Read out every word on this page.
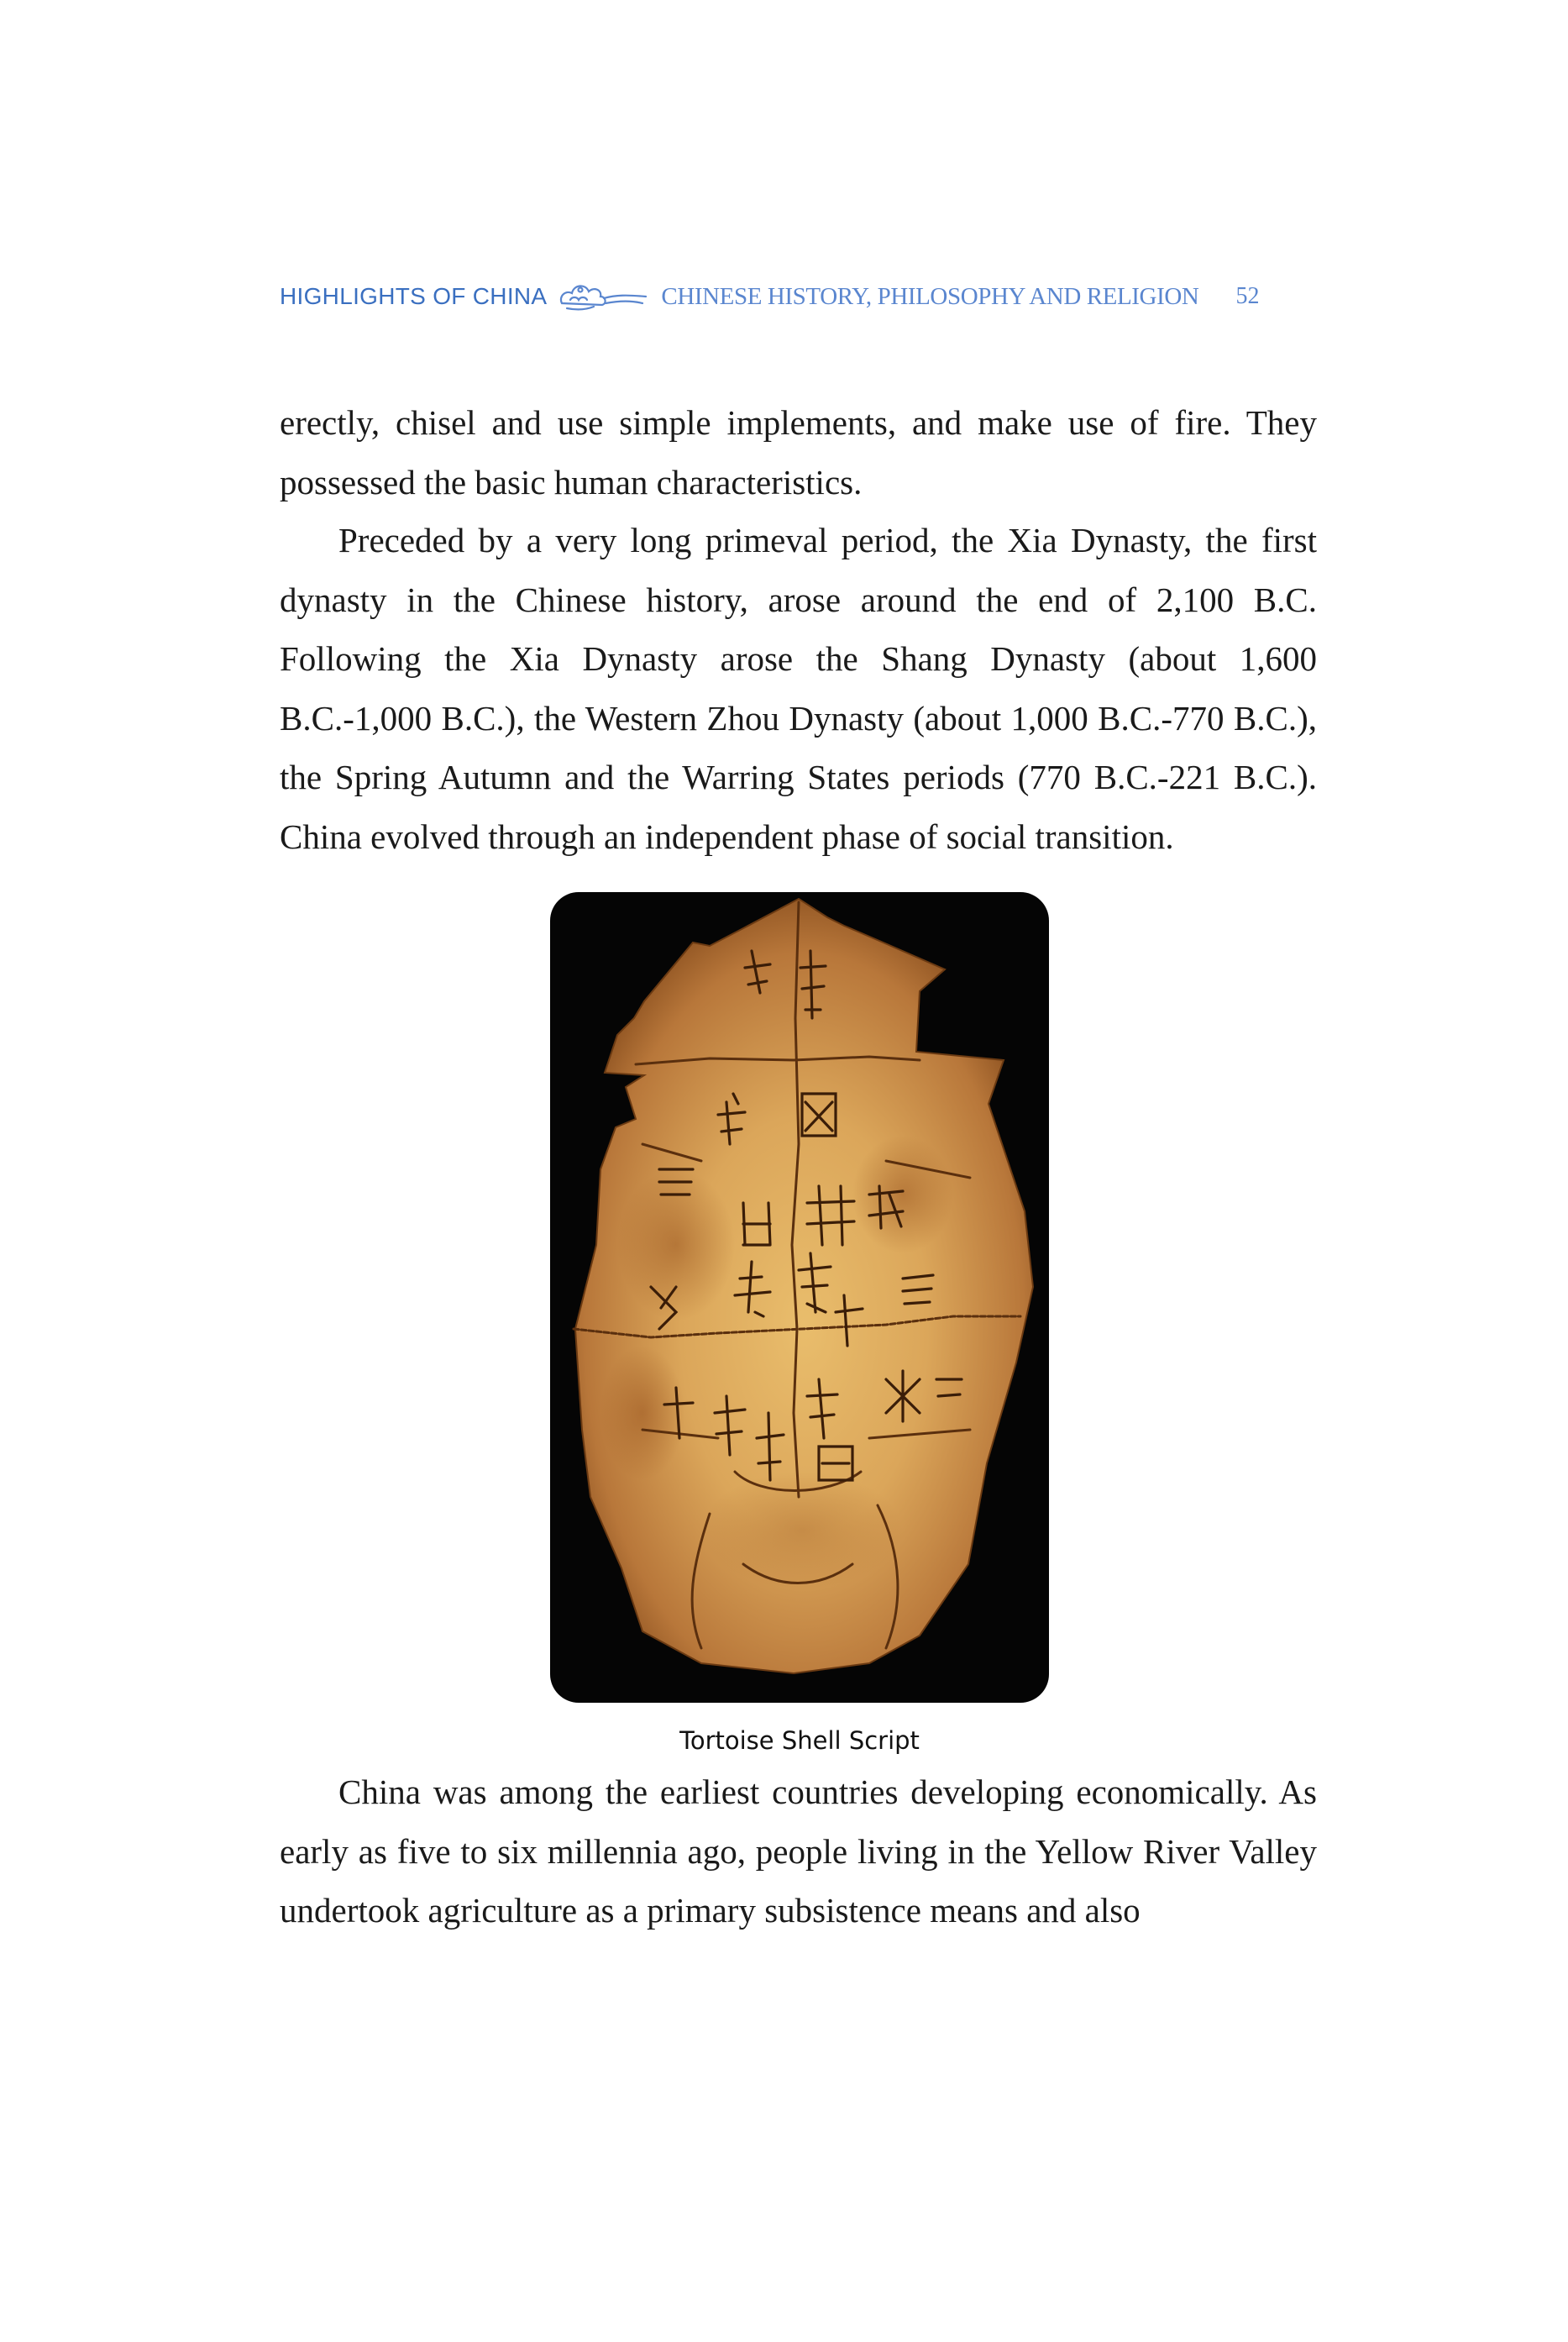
HIGHLIGHTS OF CHINA	CHINESE HISTORY, PHILOSOPHY AND RELIGION 52

erectly, chisel and use simple implements, and make use of fire. They possessed the basic human characteristics.

Preceded by a very long primeval period, the Xia Dynasty, the first dynasty in the Chinese history, arose around the end of 2,100 B.C. Following the Xia Dynasty arose the Shang Dynasty (about 1,600 B.C.-1,000 B.C.), the Western Zhou Dynasty (about 1,000 B.C.-770 B.C.), the Spring Autumn and the Warring States periods (770 B.C.-221 B.C.). China evolved through an independent phase of social transition.

Tortoise Shell Script

China was among the earliest countries developing economically. As early as five to six millennia ago, people living in the Yellow River Valley undertook agriculture as a primary subsistence means and also
